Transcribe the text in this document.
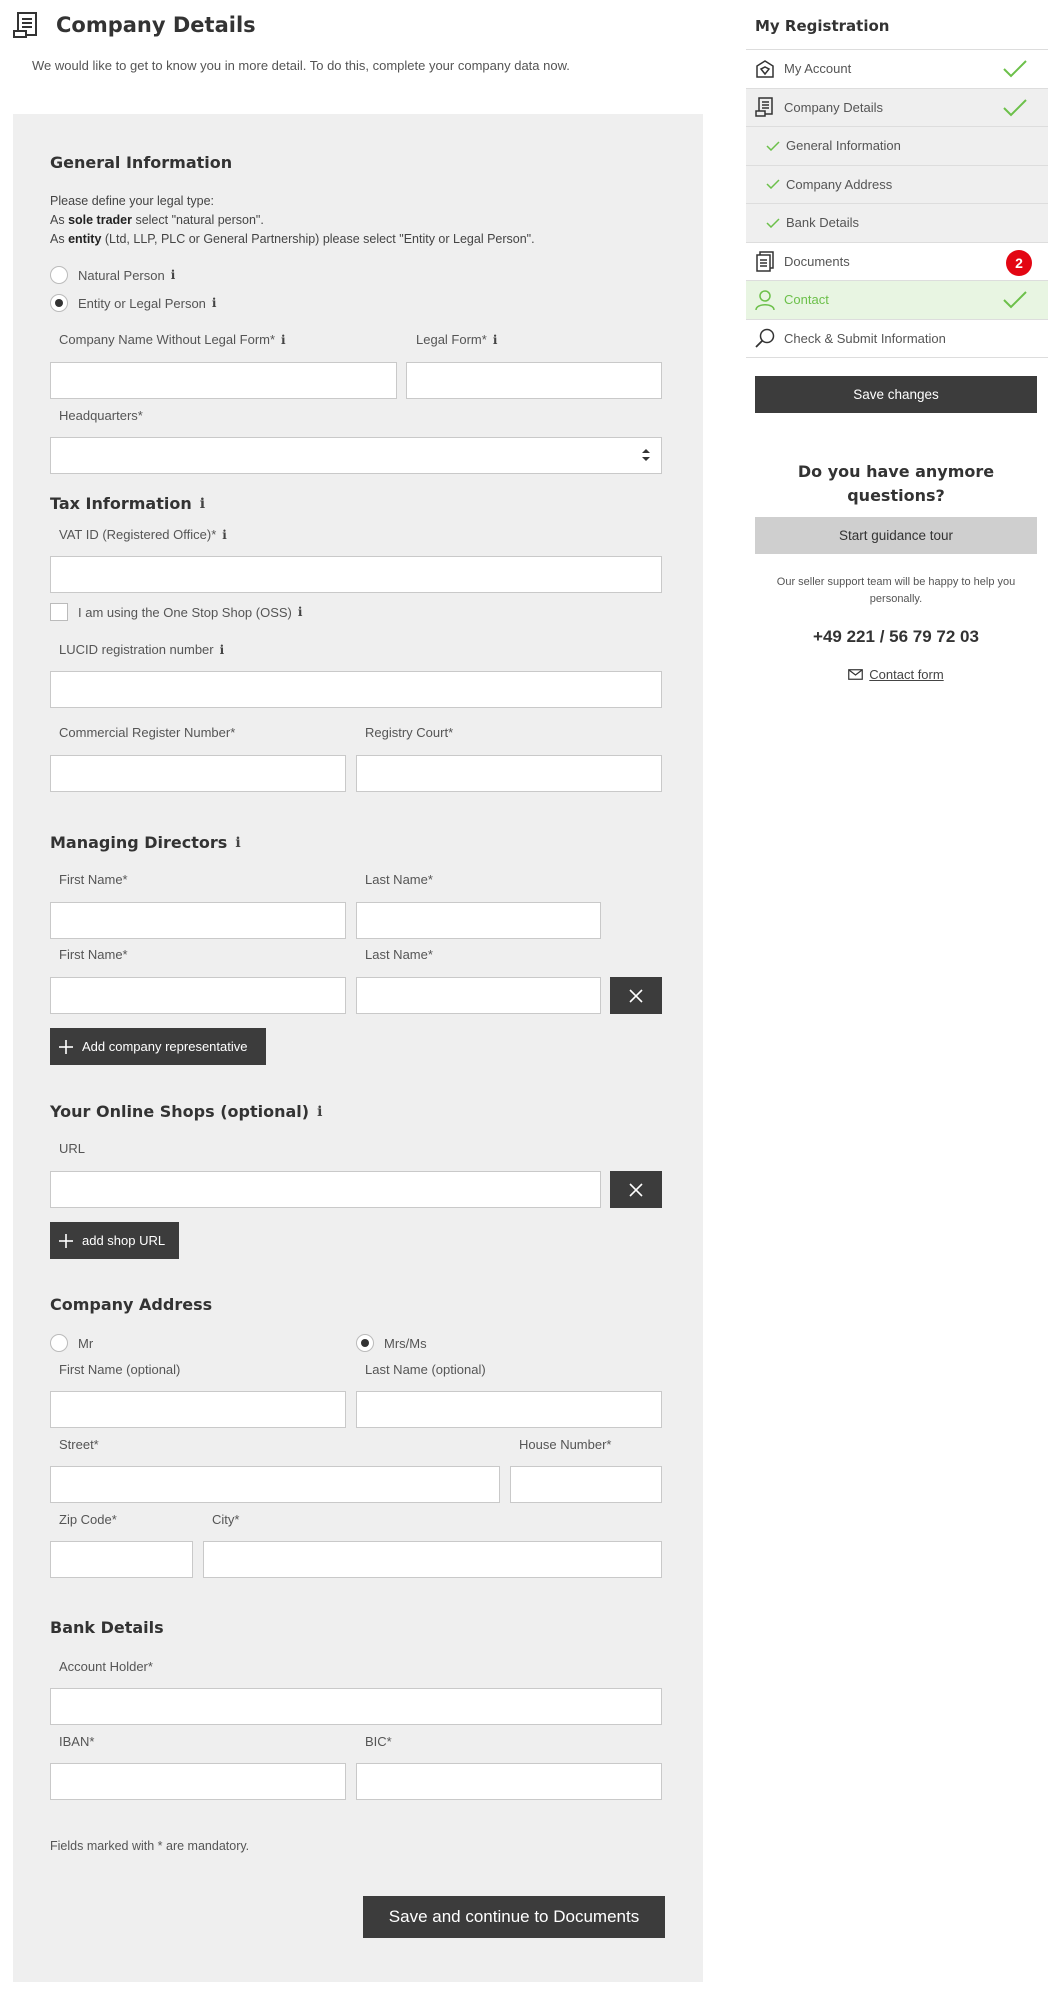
Company Details
We would like to get to know you in more detail. To do this, complete your company data now.
General Information
Please define your legal type:
As sole trader select "natural person".
As entity (Ltd, LLP, PLC or General Partnership) please select "Entity or Legal Person".
Natural Person i
Entity or Legal Person i
Company Name Without Legal Form* i	Legal Form* i
Headquarters*
Tax Information i
VAT ID (Registered Office)* i
I am using the One Stop Shop (OSS) i
LUCID registration number i
Commercial Register Number*	Registry Court*
Managing Directors i
First Name*	Last Name*
First Name*	Last Name*
Add company representative
Your Online Shops (optional) i
URL
add shop URL
Company Address
Mr	Mrs/Ms
First Name (optional)	Last Name (optional)
Street*	House Number*
Zip Code*	City*
Bank Details
Account Holder*
IBAN*	BIC*
Fields marked with * are mandatory.
Save and continue to Documents
My Registration
My Account
Company Details
General Information
Company Address
Bank Details
Documents	2
Contact
Check & Submit Information
Save changes
Do you have anymore questions?
Start guidance tour
Our seller support team will be happy to help you personally.
+49 221 / 56 79 72 03
Contact form
